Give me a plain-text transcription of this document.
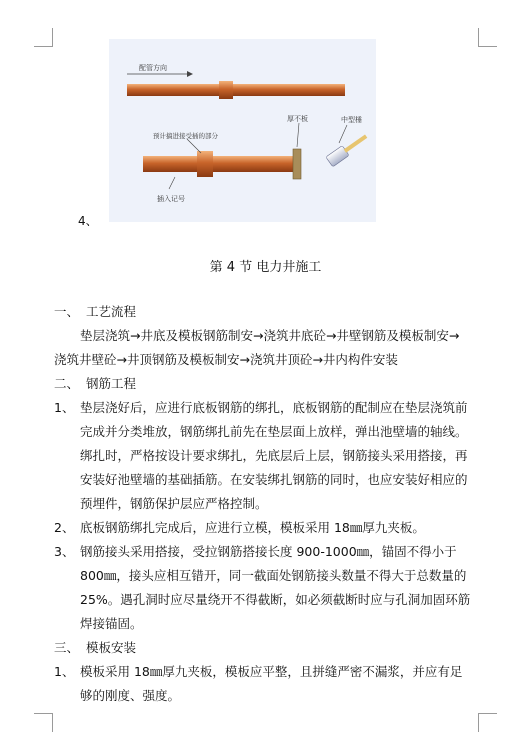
配管方向
预计搞进接受插的部分
厚不板	中型棰
插入记号
4、
第 4 节 电力井施工
一、 工艺流程
垫层浇筑→井底及模板钢筋制安→浇筑井底砼→井壁钢筋及模板制安→
浇筑井壁砼→井顶钢筋及模板制安→浇筑井顶砼→井内构件安装
二、 钢筋工程
1、 垫层浇好后，应进行底板钢筋的绑扎，底板钢筋的配制应在垫层浇筑前
完成并分类堆放，钢筋绑扎前先在垫层面上放样，弹出池壁墙的轴线。
绑扎时，严格按设计要求绑扎，先底层后上层，钢筋接头采用搭接，再
安装好池壁墙的基础插筋。在安装绑扎钢筋的同时，也应安装好相应的
预埋件，钢筋保护层应严格控制。
2、 底板钢筋绑扎完成后，应进行立模，模板采用 18㎜厚九夹板。
3、 钢筋接头采用搭接，受拉钢筋搭接长度 900-1000㎜，锚固不得小于
800㎜，接头应相互错开，同一截面处钢筋接头数量不得大于总数量的
25%。遇孔洞时应尽量绕开不得截断，如必须截断时应与孔洞加固环筋
焊接锚固。
三、 模板安装
1、 模板采用 18㎜厚九夹板，模板应平整，且拼缝严密不漏浆，并应有足
够的刚度、强度。
